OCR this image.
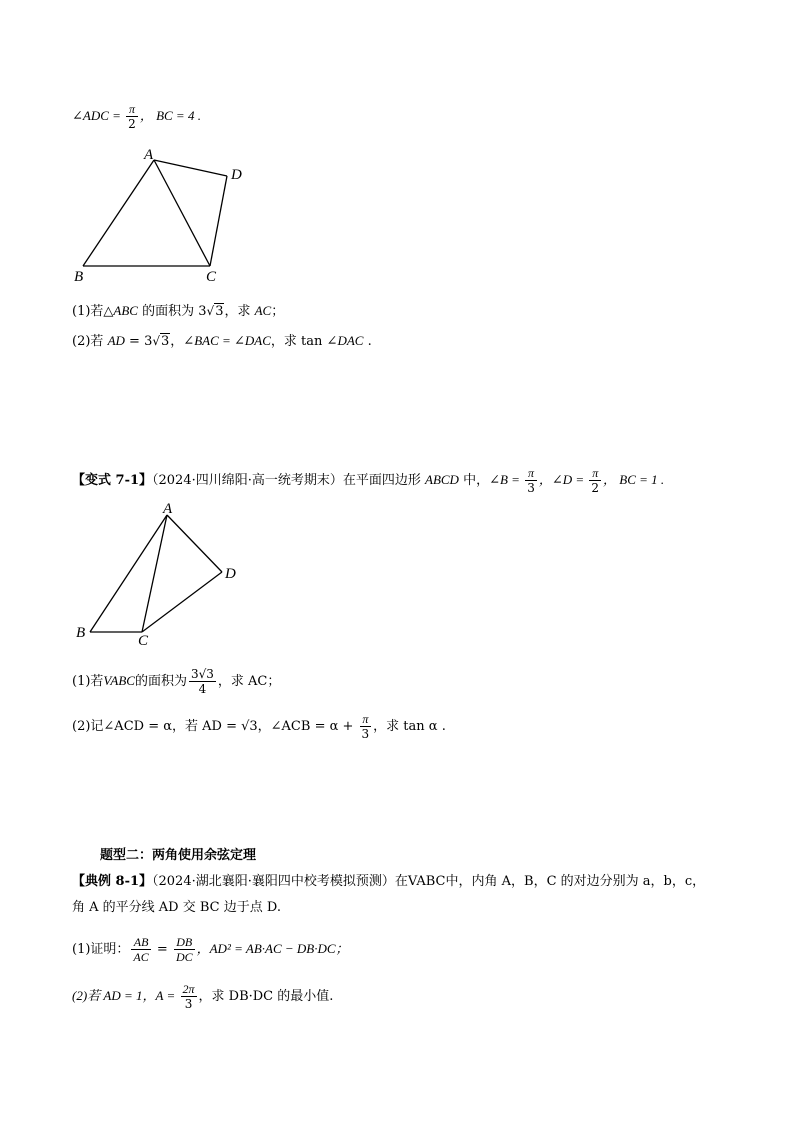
∠ADC = $\frac{\pi}{2}$ ， BC = 4 .
A
D
B	C
(1)若△ABC 的面积为 3√3，求 AC；
(2)若 AD = 3√3，∠BAC = ∠DAC，求 tan ∠DAC .
【变式 7-1】（2024·四川绵阳·高一统考期末）在平面四边形 ABCD 中，∠B = $\frac{\pi}{3}$ ，∠D = $\frac{\pi}{2}$ ， BC = 1 .
A
D
B	C
(1)若VABC的面积为 $\frac{3√3}{4}$ ，求 AC；
(2)记∠ACD = α，若 AD = √3，∠ACB = $\alpha + \frac{\pi}{3}$ ，求 tan α .
题型二：两角使用余弦定理
【典例 8-1】（2024·湖北襄阳·襄阳四中校考模拟预测）在VABC中，内角 A，B，C 的对边分别为 a，b，c，
角 A 的平分线 AD 交 BC 边于点 D.
(1)证明： $\frac{AB}{AC} = \frac{DB}{DC}$ ，AD² = AB·AC − DB·DC；
(2)若 AD = 1，$A = \frac{2\pi}{3}$ ，求 DB·DC 的最小值.
